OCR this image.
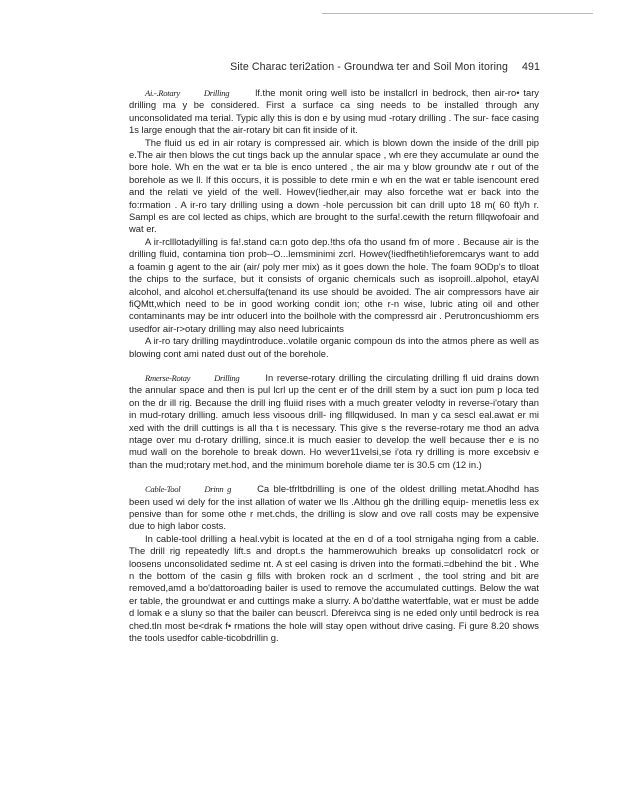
Site Charac teri2ation - Groundwa ter and Soil Mon itoring 491

Ai.-.Rotary	Drilling	lf.the monit oring well isto be installcrl in bedrock, then air-ro• tary drilling ma y be considered. First a surface ca sing needs to be installed through any unconsolidated ma terial. Typic ally this is don e by using mud -rotary drilling . The sur- face casing 1s large enough that the air-rotary bit can fit inside of it.

The fluid us ed in air rotary is compressed air. which is blown down the inside of the drill pip e.The air then blows the cut tings back up the annular space , wh ere they accumulate ar ound the bore hole. Wh en the wat er ta ble is enco untered , the air ma y blow groundw ate r out of the borehole as we ll. lf this occurs, it is possible to dete rmin e wh en the wat er table isencount ered and the relati ve yield of the well. Howev(!iedher,air may also forcethe wat er back into the fo:rmation . A ir-ro tary drilling using a down -hole percussion bit can drill upto 18 m( 60 ft)/h r. Sampl es are col lected as chips, which are brought to the surfa!.cewith the return flllqwofoair and wat er.

A ir-rclllotadyilling is fa!.stand ca:n goto dep.!ths ofa tho usand fm of more . Because air is the drilling fluid, contamina tion prob--O...lemsminimi zcrl. Howev(!iedfhetih!ieforemcarys want to add a foamin g agent to the air (air/ poly mer mix) as it goes down the hole. The foam 9ODp's to tlloat the chips to the surface, but it consists of organic chemicals such as isoproill..alpohol, etayAl alcohol, and alcohol et.chersulfa(tenand its use should be avoided. The air compressors have air fiQMtt,which need to be in good working condit ion; othe r-n wise, lubric ating oil and other contaminants may be intr oducerl into the boilhole with the compressrd air . Perutroncushiomm ers usedfor air-r>otary drilling may also need lubricaints

A ir-ro tary drilling maydintroduce..volatile organic compoun ds into the atmos phere as well as blowing cont ami nated dust out of the borehole.

Rmerse-Rotay	Drilling	In reverse-rotary drilling the circulating drilling fl uid drains down the annular space and then is pul lcrl up the cent er of the drill stem by a suct ion pum p loca ted on the dr ill rig. Because the drill ing fluiid rises with a much greater velodty in reverse-i'otary than in mud-rotary drilling. amuch less visoous drill- ing flllqwidused. In man y ca sescl eal.awat er mi xed with the drill cuttings is all tha t is necessary. This give s the reverse-rotary me thod an adva ntage over mu d-rotary drilling, since.it is much easier to develop the well because ther e is no mud wall on the borehole to break down. Ho wever11velsi,se i'ota ry drilling is more excebsiv e than the mud;rotary met.hod, and the minimum borehole diame ter is 30.5 cm (12 in.)

Cable-Tool	Drinn g	Ca ble-tfrltbdrilling is one of the oldest drilling metat.Ahodhd has been used wi dely for the inst allation of water we lls .Althou gh the drilling equip- menetlis less ex pensive than for some othe r met.chds, the drilling is slow and ove rall costs may be expensive due to high labor costs.

In cable-tool drilling a heal.vybit is located at the en d of a tool strnigaha nging from a cable. The drill rig repeatedly lift.s and dropt.s the hammerowuhich breaks up consolidatcrl rock or loosens unconsolidated sedime nt. A st eel casing is driven into the formati.=dbehind the bit . Whe n the bottom of the casin g fills with broken rock an d scrlment , the tool string and bit are removed,amd a bo'dattoroading bailer is used to remove the accumulated cuttings. Below the wat er table, the groundwat er and cuttings make a slurry. A bo'datthe watertfable, wat er must be adde d lomak e a sluny so that the bailer can beuscrl. Dfereivca sing is ne eded only until bedrock is rea ched.tln most be<drak f• rmations the hole will stay open without drive casing. Fi gure 8.20 shows the tools usedfor cable-ticobdrillin g.
